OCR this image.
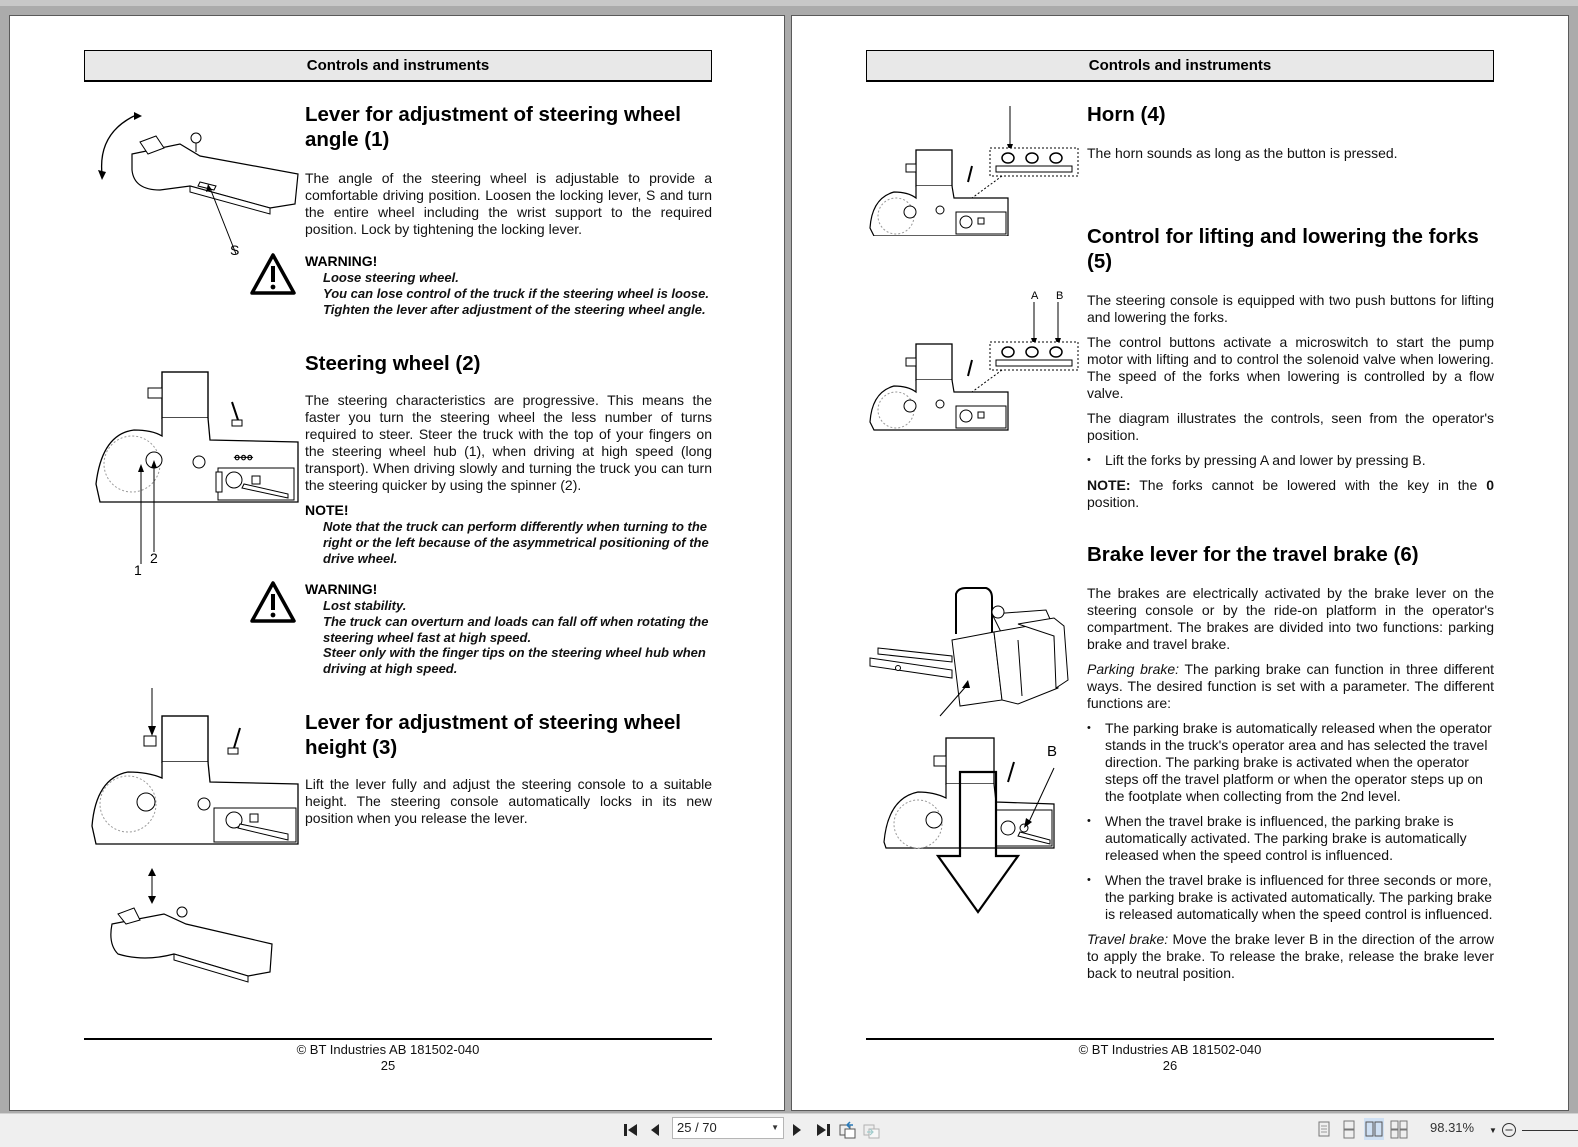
Controls and instruments
S
Lever for adjustment of steering wheel
angle (1)
The angle of the steering wheel is adjustable to provide a comfortable driving position. Loosen the locking lever, S and turn the entire wheel including the wrist support to the required position. Lock by tightening the locking lever.
WARNING!
Loose steering wheel.
You can lose control of the truck if the steering wheel is loose.
Tighten the lever after adjustment of the steering wheel angle.
ꝋꝋꝋ
1
2
Steering wheel (2)
The steering characteristics are progressive. This means the faster you turn the steering wheel the less number of turns required to steer. Steer the truck with the top of your fingers on the steering wheel hub (1), when driving at high speed (long transport). When driving slowly and turning the truck you can turn the steering quicker by using the spinner (2).
NOTE!
Note that the truck can perform differently when turning to the right or the left because of the asymmetrical positioning of the drive wheel.
WARNING!
Lost stability.
The truck can overturn and loads can fall off when rotating the steering wheel fast at high speed.
Steer only with the finger tips on the steering wheel hub when driving at high speed.
Lever for adjustment of steering wheel
height (3)
Lift the lever fully and adjust the steering console to a suitable height. The steering console automatically locks in its new position when you release the lever.
© BT Industries AB 181502-040
25
Controls and instruments
Horn (4)
The horn sounds as long as the button is pressed.
Control for lifting and lowering the forks
(5)
A B The steering console is equipped with two push buttons for lifting and lowering the forks.

The control buttons activate a microswitch to start the pump motor with lifting and to control the solenoid valve when lowering. The speed of the forks when lowering is controlled by a flow valve.

The diagram illustrates the controls, seen from the operator's position.

• Lift the forks by pressing A and lower by pressing B.

NOTE: The forks cannot be lowered with the key in the 0 position.

Brake lever for the travel brake (6)
B

The brakes are electrically activated by the brake lever on the steering console or by the ride-on platform in the operator's compartment. The brakes are divided into two functions: parking brake and travel brake.

Parking brake: The parking brake can function in three different ways. The desired function is set with a parameter. The different functions are:

• The parking brake is automatically released when the operator stands in the truck's operator area and has selected the travel direction. The parking brake is activated when the operator steps off the travel platform or when the operator steps up on the footplate when collecting from the 2nd level.
• When the travel brake is influenced, the parking brake is automatically activated. The parking brake is automatically released when the speed control is influenced.
• When the travel brake is influenced for three seconds or more, the parking brake is activated automatically. The parking brake is released automatically when the speed control is influenced.

Travel brake: Move the brake lever B in the direction of the arrow to apply the brake. To release the brake, release the brake lever back to neutral position.

© BT Industries AB 181502-040
26
25 / 70	▼	98.31% ▼
